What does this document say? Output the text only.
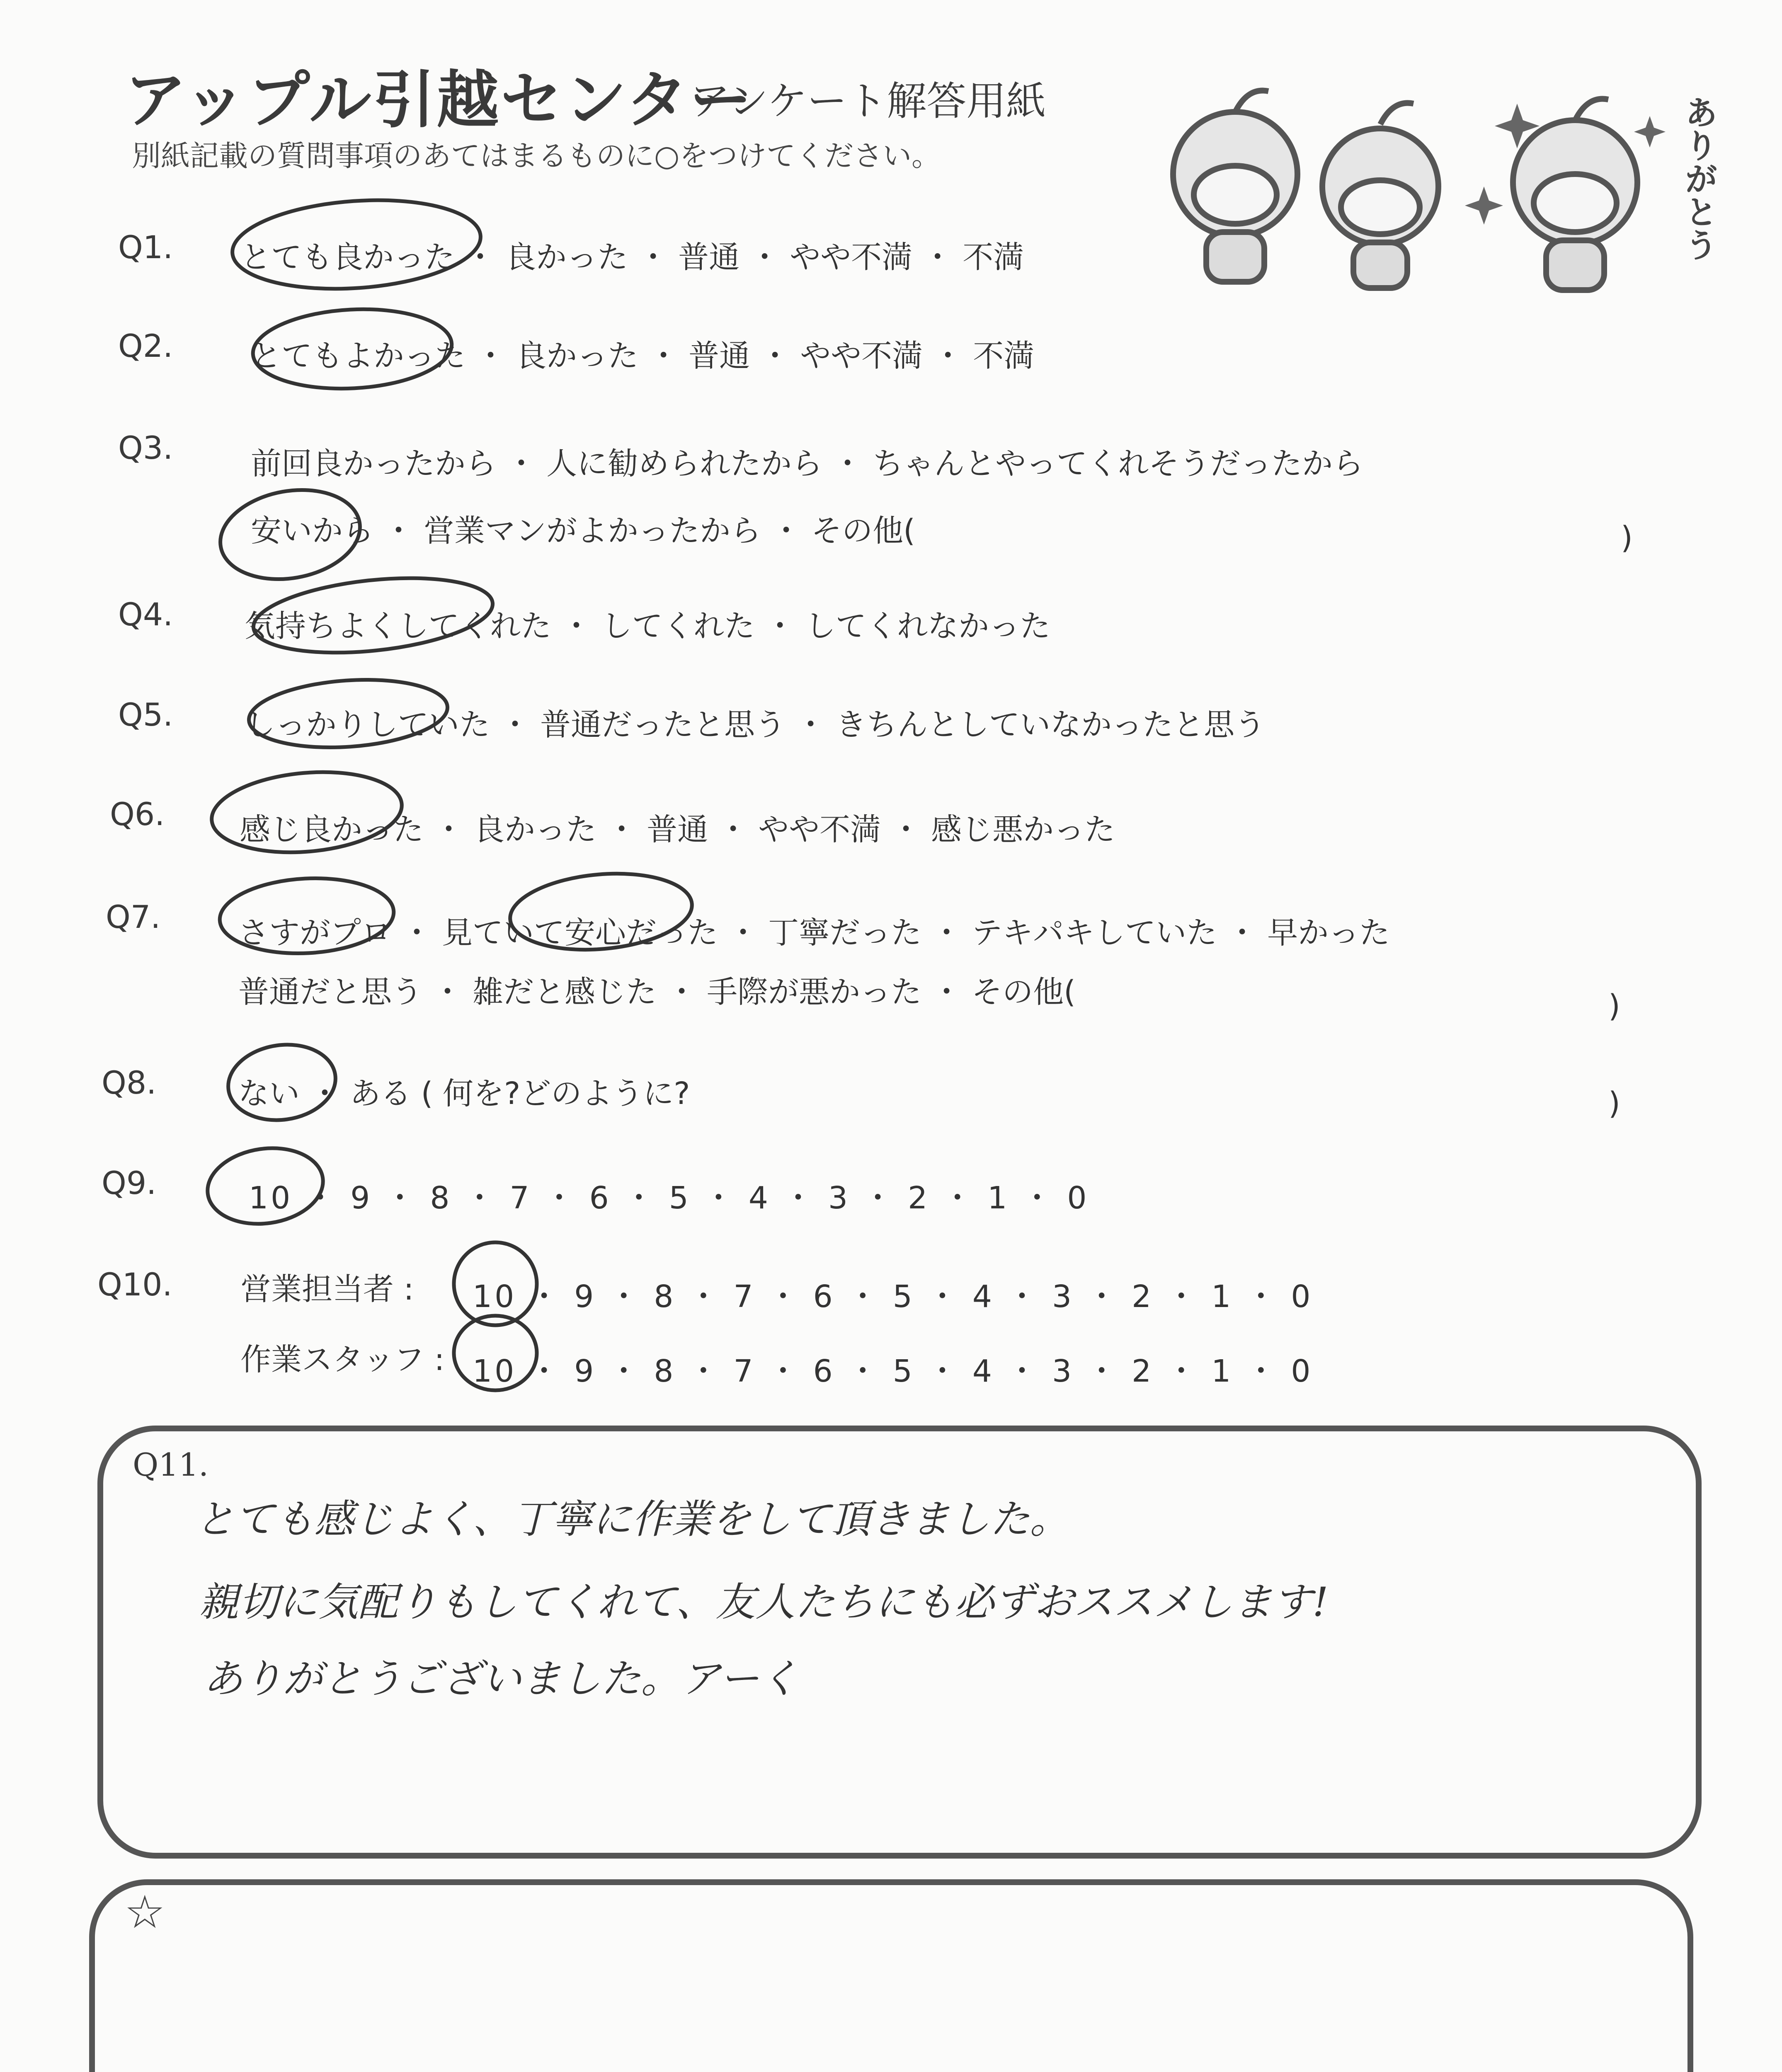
アップル引越センター
アンケート解答用紙
別紙記載の質問事項のあてはまるものに○をつけてください。	ありがとう
Q1. とても良かった ・ 良かった ・ 普通 ・ やや不満 ・ 不満
Q2.	とてもよかった ・ 良かった ・ 普通 ・ やや不満 ・ 不満
Q3.	前回良かったから ・ 人に勧められたから ・ ちゃんとやってくれそうだったから
安いから ・ 営業マンがよかったから ・ その他(	)
Q4. 気持ちよくしてくれた ・ してくれた ・ してくれなかった
Q5. しっかりしていた ・ 普通だったと思う ・ きちんとしていなかったと思う
Q6. 感じ良かった ・ 良かった ・ 普通 ・ やや不満 ・ 感じ悪かった
Q7.	さすがプロ ・ 見ていて安心だった ・ 丁寧だった ・ テキパキしていた ・ 早かった
普通だと思う ・ 雑だと感じた ・ 手際が悪かった ・ その他(	)
Q8.	ない ・ ある ( 何を?どのように?	)
Q9.	10 ・ 9 ・ 8 ・ 7 ・ 6 ・ 5 ・ 4 ・ 3 ・ 2 ・ 1 ・ 0
Q10. 営業担当者 : 10 ・ 9 ・ 8 ・ 7 ・ 6 ・ 5 ・ 4 ・ 3 ・ 2 ・ 1 ・ 0
作業スタッフ : 10 ・ 9 ・ 8 ・ 7 ・ 6 ・ 5 ・ 4 ・ 3 ・ 2 ・ 1 ・ 0
Q11.
とても感じよく、丁寧に作業をして頂きました。
親切に気配りもしてくれて、友人たちにも必ずおススメします!
ありがとうございました。アーく
☆
